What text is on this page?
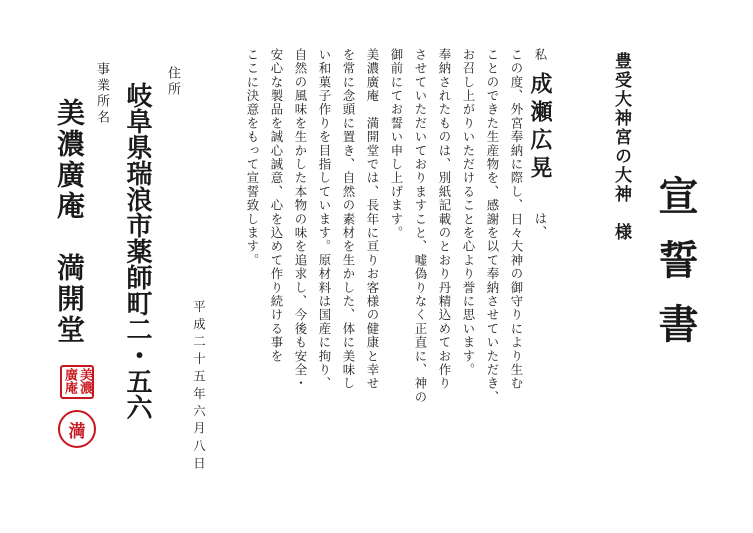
宣誓書
豊受大神宮の大神　様
私成瀬広晃は、
この度、外宮奉納に際し、日々大神の御守りにより生む
ことのできた生産物を、感謝を以て奉納させていただき、
お召し上がりいただけることを心より誉に思います。
奉納されたものは、別紙記載のとおり丹精込めてお作り
させていただいておりますこと、嘘偽りなく正直に、神の
御前にてお誓い申し上げます。
美濃廣庵　満開堂では、長年に亘りお客様の健康と幸せ
を常に念頭に置き、自然の素材を生かした、体に美味し
い和菓子作りを目指しています。原材料は国産に拘り、
自然の風味を生かした本物の味を追求し、今後も安全・
安心な製品を誠心誠意、心を込めて作り続ける事を
ここに決意をもって宣誓致します。
平成二十五年六月八日
住所
岐阜県瑞浪市薬師町二・五六
事業所名
美濃廣庵　満開堂
美濃廣庵
満
